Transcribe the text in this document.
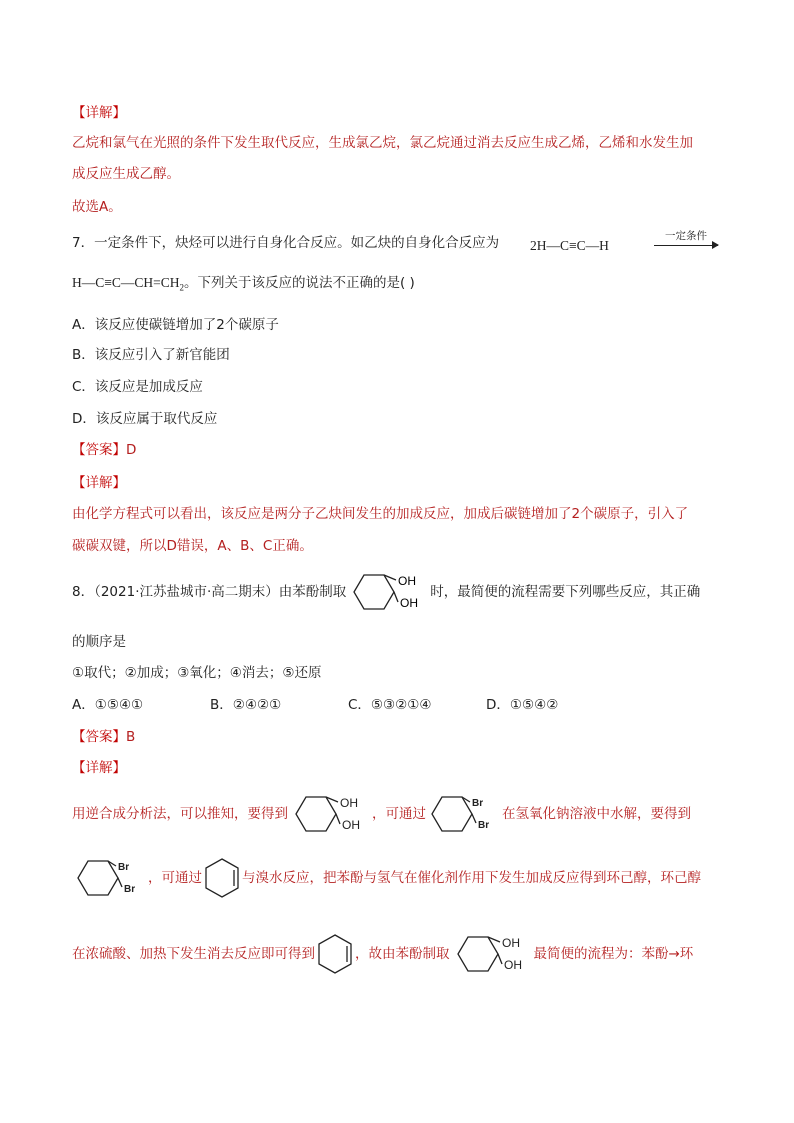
【详解】
乙烷和氯气在光照的条件下发生取代反应，生成氯乙烷，氯乙烷通过消去反应生成乙烯，乙烯和水发生加
成反应生成乙醇。
故选A。
7．一定条件下，炔烃可以进行自身化合反应。如乙炔的自身化合反应为 2H—C≡C—H
一定条件
$H—C\equiv C—CH=CH_2$。下列关于该反应的说法不正确的是( )
A．该反应使碳链增加了2个碳原子
B．该反应引入了新官能团
C．该反应是加成反应
D．该反应属于取代反应
【答案】D
【详解】
由化学方程式可以看出，该反应是两分子乙炔间发生的加成反应，加成后碳链增加了2个碳原子，引入了
碳碳双键，所以D错误，A、B、C正确。
8．（2021·江苏盐城市·高二期末）由苯酚制取
OH
OH
时，最简便的流程需要下列哪些反应，其正确
的顺序是
①取代；②加成；③氧化；④消去；⑤还原
A．①⑤④①	B．②④②①	C．⑤③②①④	D．①⑤④②
【答案】B
【详解】
用逆合成分析法，可以推知，要得到
OH
OH
，可通过
Br
Br
在氢氧化钠溶液中水解，要得到
Br
Br
，可通过	与溴水反应，把苯酚与氢气在催化剂作用下发生加成反应得到环己醇，环己醇
在浓硫酸、加热下发生消去反应即可得到	，故由苯酚制取
OH
OH
最简便的流程为：苯酚→环
